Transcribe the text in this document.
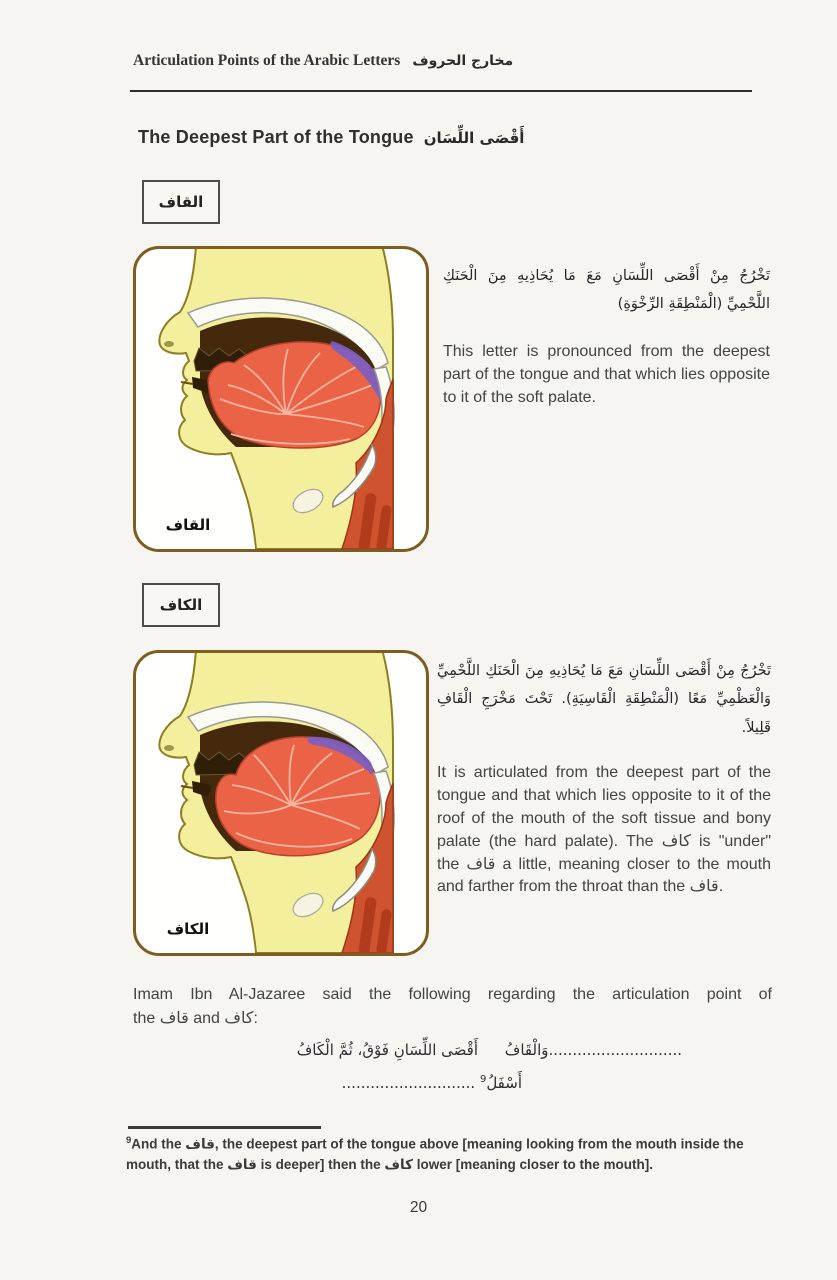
Articulation Points of the Arabic Letters مخارج الحروف
The Deepest Part of the Tongue أَقْصَى اللِّسَان
القاف
القاف
تَخْرُجُ مِنْ أَقْصَى اللِّسَانِ مَعَ مَا يُحَاذِيهِ مِنَ الْحَنَكِ اللَّحْمِيِّ (الْمَنْطِقَةِ الرِّخْوَةِ)
This letter is pronounced from the deepest part of the tongue and that which lies opposite to it of the soft palate.
الكاف
الكاف
تَخْرُجُ مِنْ أَقْصَى اللِّسَانِ مَعَ مَا يُحَاذِيهِ مِنَ الْحَنَكِ اللَّحْمِيِّ وَالْعَظْمِيِّ مَعًا (الْمَنْطِقَةِ الْقَاسِيَةِ). تَحْتَ مَخْرَجِ الْقَافِ قَلِيلاً.
It is articulated from the deepest part of the tongue and that which lies opposite to it of the roof of the mouth of the soft tissue and bony palate (the hard palate). The كاف is "under" the قاف a little, meaning closer to the mouth and farther from the throat than the قاف.
Imam Ibn Al-Jazaree said the following regarding the articulation point of
the قاف and كاف:
............................وَالْقَافُ أَقْصَى اللِّسَانِ فَوْقُ، ثُمَّ الْكَافُ
أَسْفَلُ$^9$ ............................
$^9$And the قاف, the deepest part of the tongue above [meaning looking from the mouth inside the mouth, that the قاف is deeper] then the كاف lower [meaning closer to the mouth].
20
